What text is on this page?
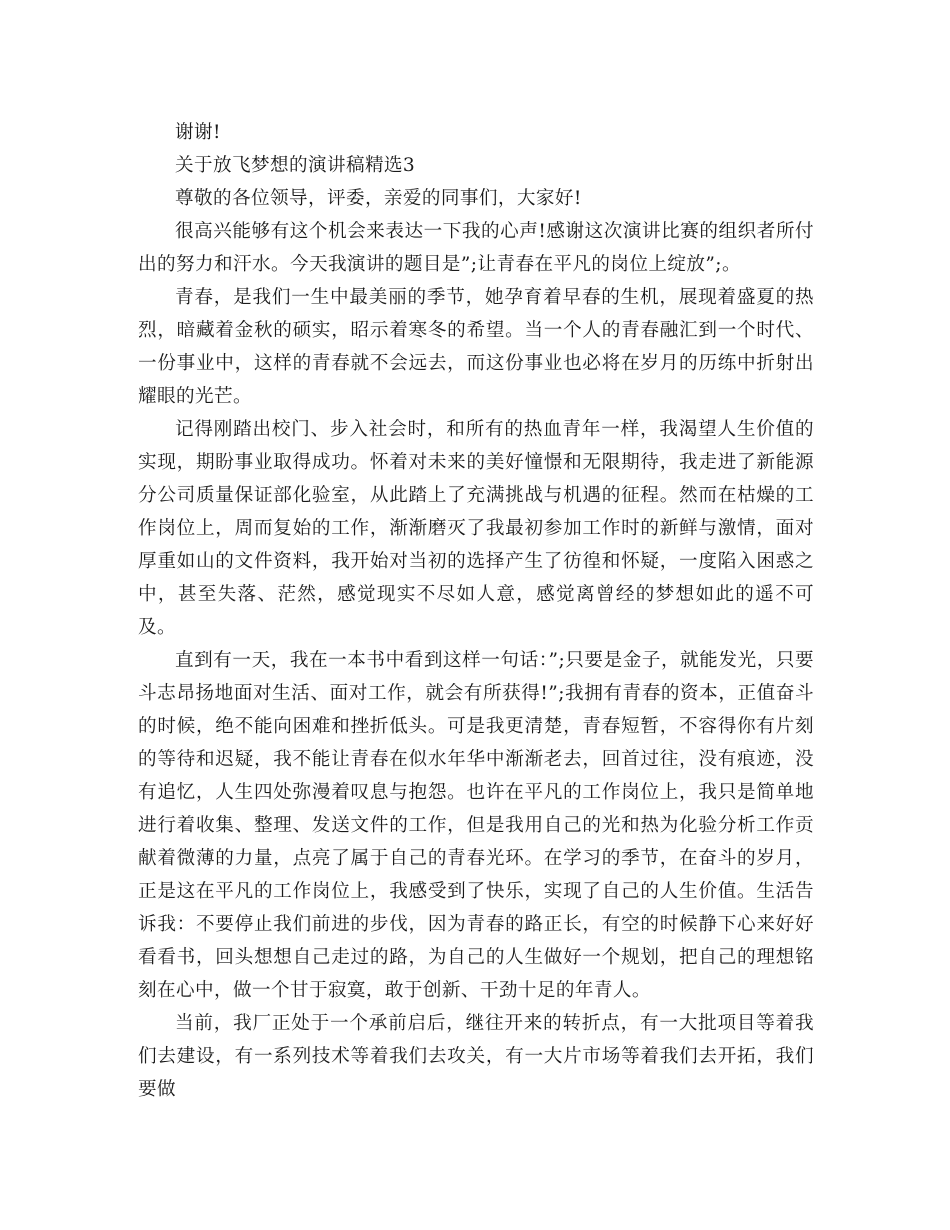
谢谢!

关于放飞梦想的演讲稿精选3

尊敬的各位领导，评委，亲爱的同事们，大家好!

很高兴能够有这个机会来表达一下我的心声!感谢这次演讲比赛的组织者所付出的努力和汗水。今天我演讲的题目是”;让青春在平凡的岗位上绽放”;。

青春，是我们一生中最美丽的季节，她孕育着早春的生机，展现着盛夏的热烈，暗藏着金秋的硕实，昭示着寒冬的希望。当一个人的青春融汇到一个时代、一份事业中，这样的青春就不会远去，而这份事业也必将在岁月的历练中折射出耀眼的光芒。

记得刚踏出校门、步入社会时，和所有的热血青年一样，我渴望人生价值的实现，期盼事业取得成功。怀着对未来的美好憧憬和无限期待，我走进了新能源分公司质量保证部化验室，从此踏上了充满挑战与机遇的征程。然而在枯燥的工作岗位上，周而复始的工作，渐渐磨灭了我最初参加工作时的新鲜与激情，面对厚重如山的文件资料，我开始对当初的选择产生了彷徨和怀疑，一度陷入困惑之中，甚至失落、茫然，感觉现实不尽如人意，感觉离曾经的梦想如此的遥不可及。

直到有一天，我在一本书中看到这样一句话：”;只要是金子，就能发光，只要斗志昂扬地面对生活、面对工作，就会有所获得!”;我拥有青春的资本，正值奋斗的时候，绝不能向困难和挫折低头。可是我更清楚，青春短暂，不容得你有片刻的等待和迟疑，我不能让青春在似水年华中渐渐老去，回首过往，没有痕迹，没有追忆，人生四处弥漫着叹息与抱怨。也许在平凡的工作岗位上，我只是简单地进行着收集、整理、发送文件的工作，但是我用自己的光和热为化验分析工作贡献着微薄的力量，点亮了属于自己的青春光环。在学习的季节，在奋斗的岁月，正是这在平凡的工作岗位上，我感受到了快乐，实现了自己的人生价值。生活告诉我：不要停止我们前进的步伐，因为青春的路正长，有空的时候静下心来好好看看书，回头想想自己走过的路，为自己的人生做好一个规划，把自己的理想铭刻在心中，做一个甘于寂寞，敢于创新、干劲十足的年青人。

当前，我厂正处于一个承前启后，继往开来的转折点，有一大批项目等着我们去建设，有一系列技术等着我们去攻关，有一大片市场等着我们去开拓，我们要做
